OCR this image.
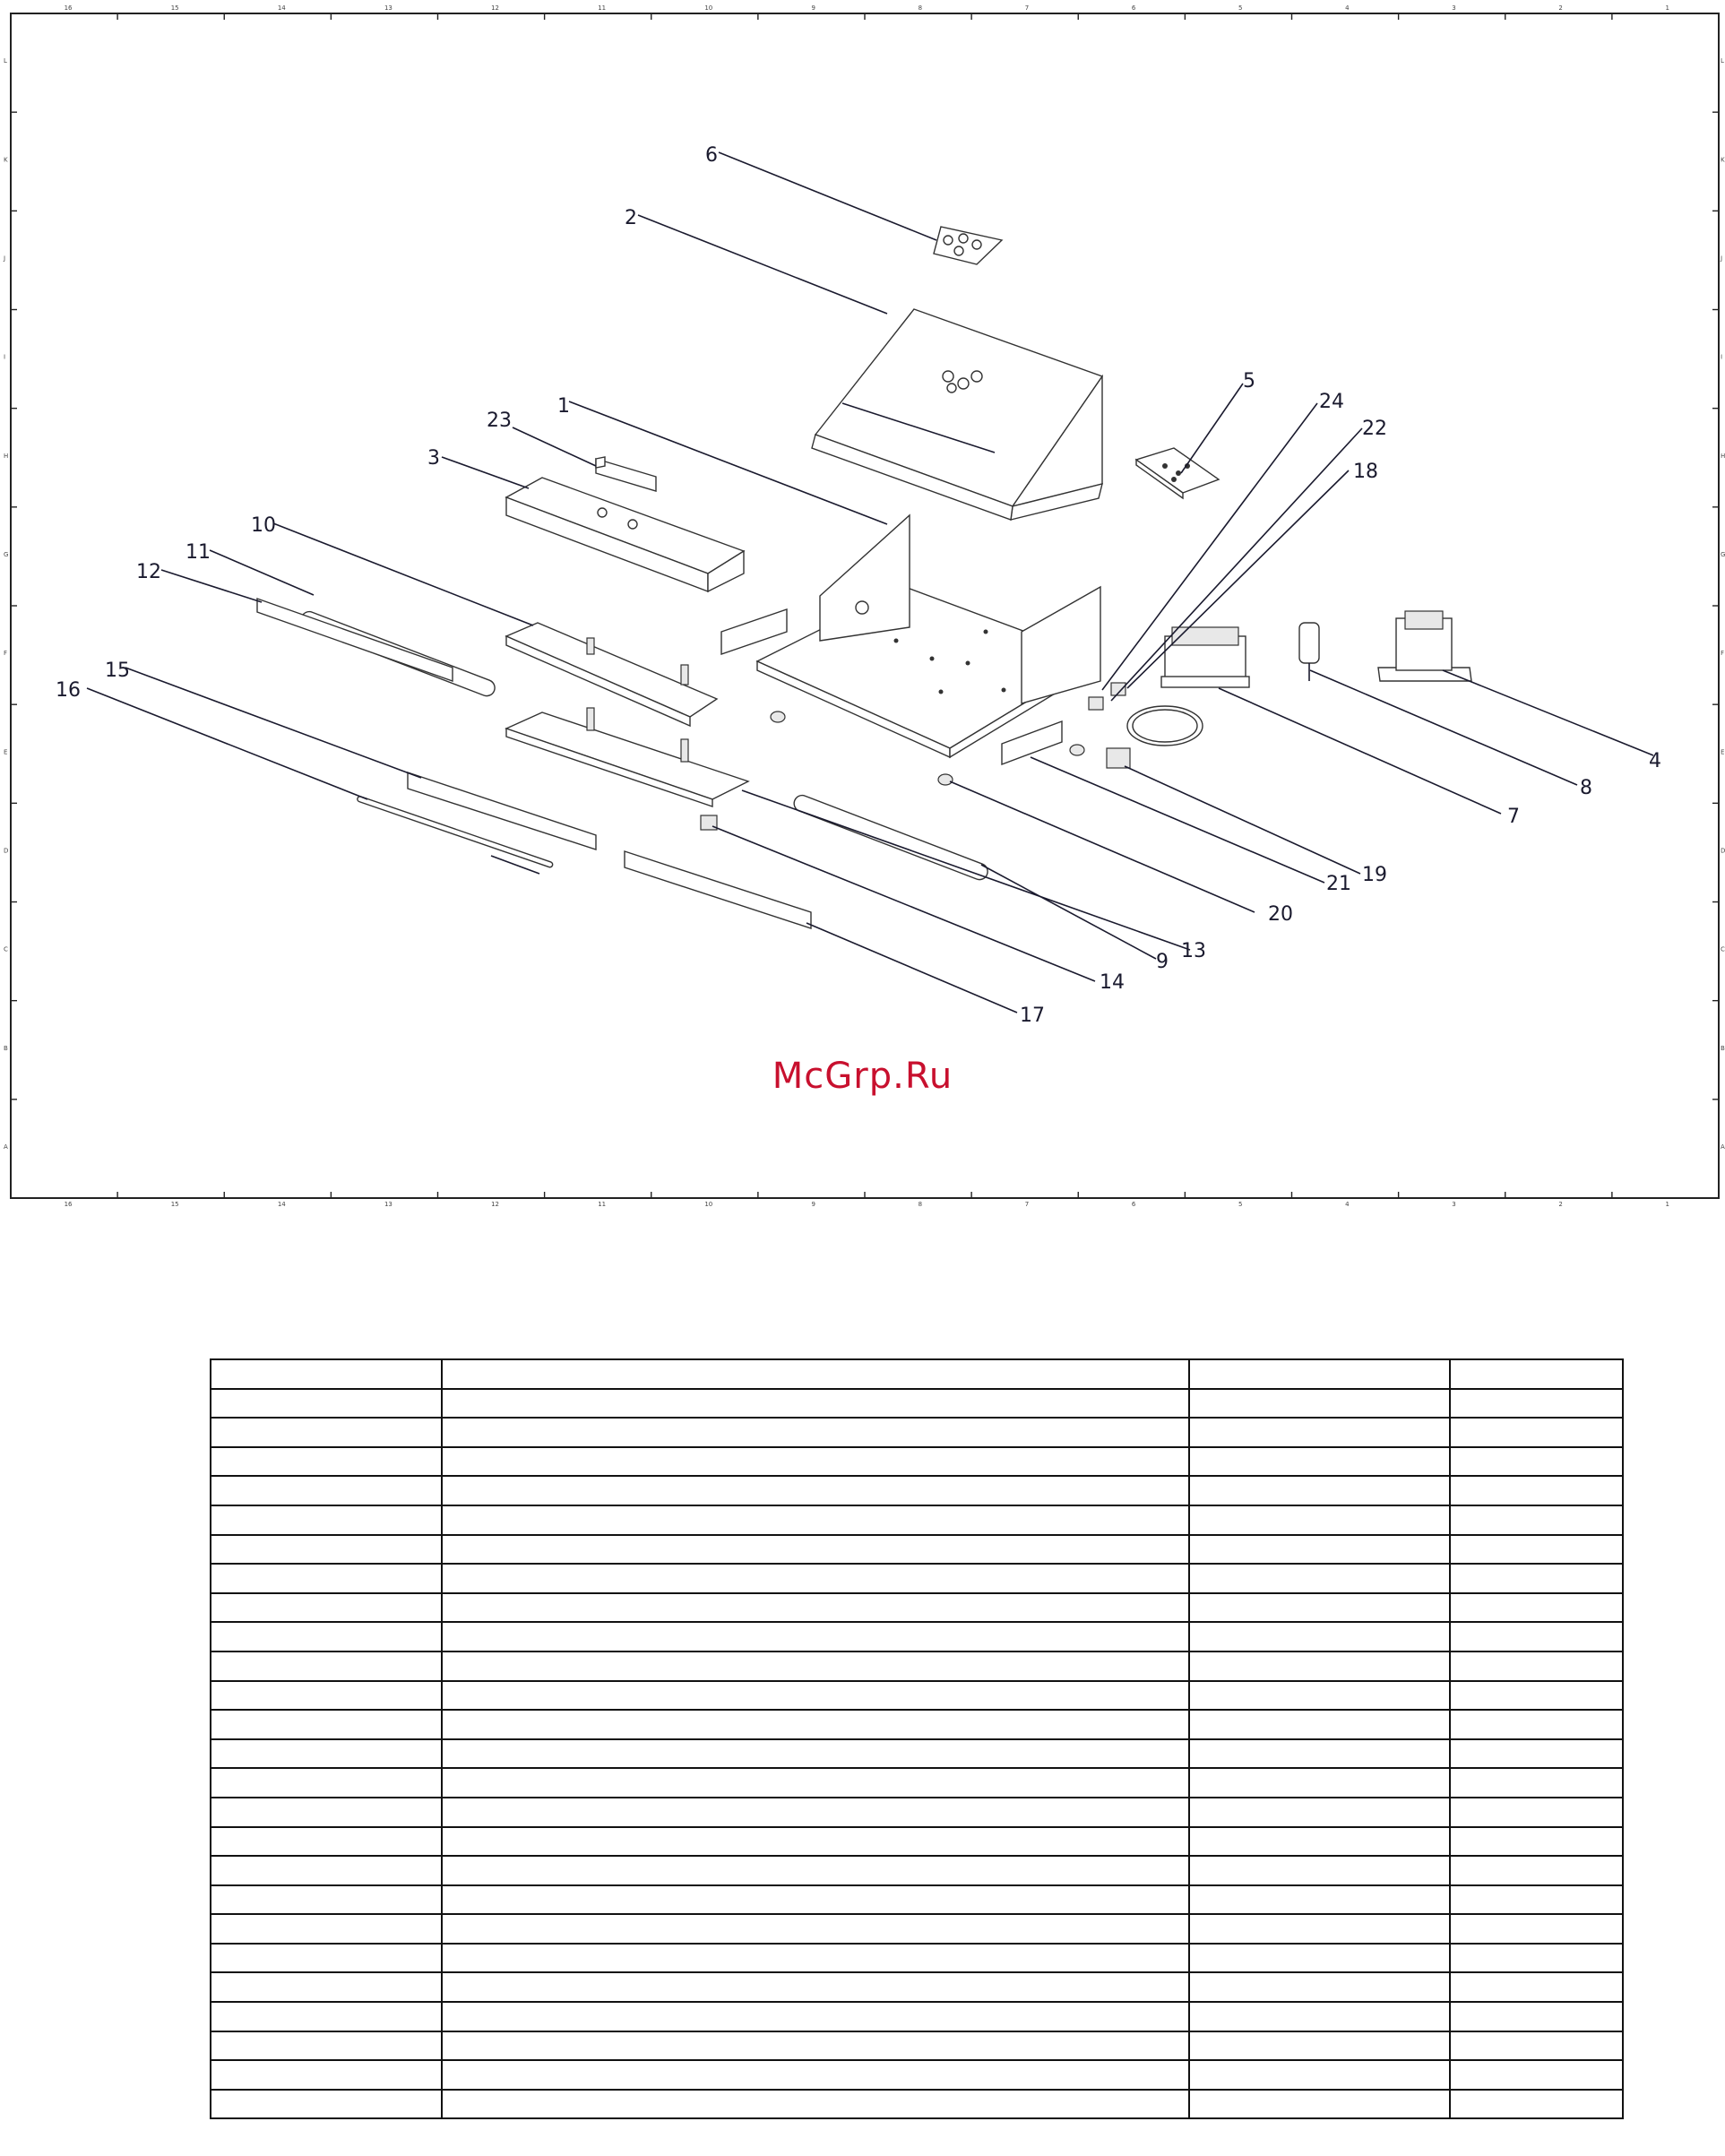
16
16
15
15
14
14
13
13
12
12
11
11
10
10
9
9
8
8
7
7
6
6
5
5
4
4
3
3
2
2
1
1
L	L
K	K
J	J
I	I
H	H
G	G
F	F
E	E
D	D
C	C
B	B
A	A
6
2
5
24
22
18
1
23
3
10
11
12
15
16
4
8
7
19
21
20
13
9
14
17
McGrp.Ru
